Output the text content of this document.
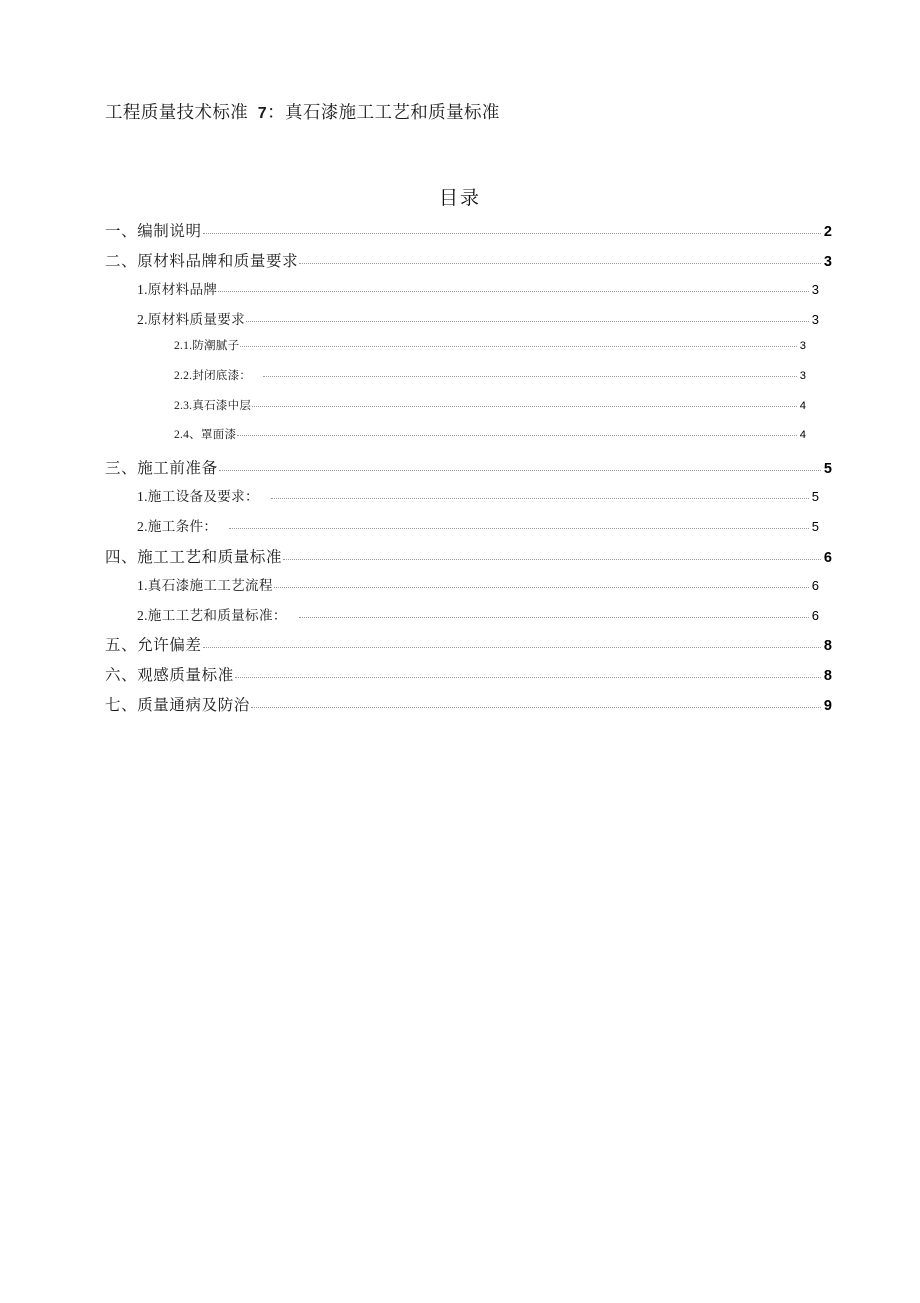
工程质量技术标准 7：真石漆施工工艺和质量标准
目录
一、编制说明	2
二、原材料品牌和质量要求	3
1.原材料品牌	3
2.原材料质量要求	3
2.1.防潮腻子	3
2.2.封闭底漆：	3
2.3.真石漆中层	4
2.4、罩面漆	4
三、施工前准备	5
1.施工设备及要求：	5
2.施工条件：	5
四、施工工艺和质量标准	6
1.真石漆施工工艺流程	6
2.施工工艺和质量标准：	6
五、允许偏差	8
六、观感质量标准	8
七、质量通病及防治	9
